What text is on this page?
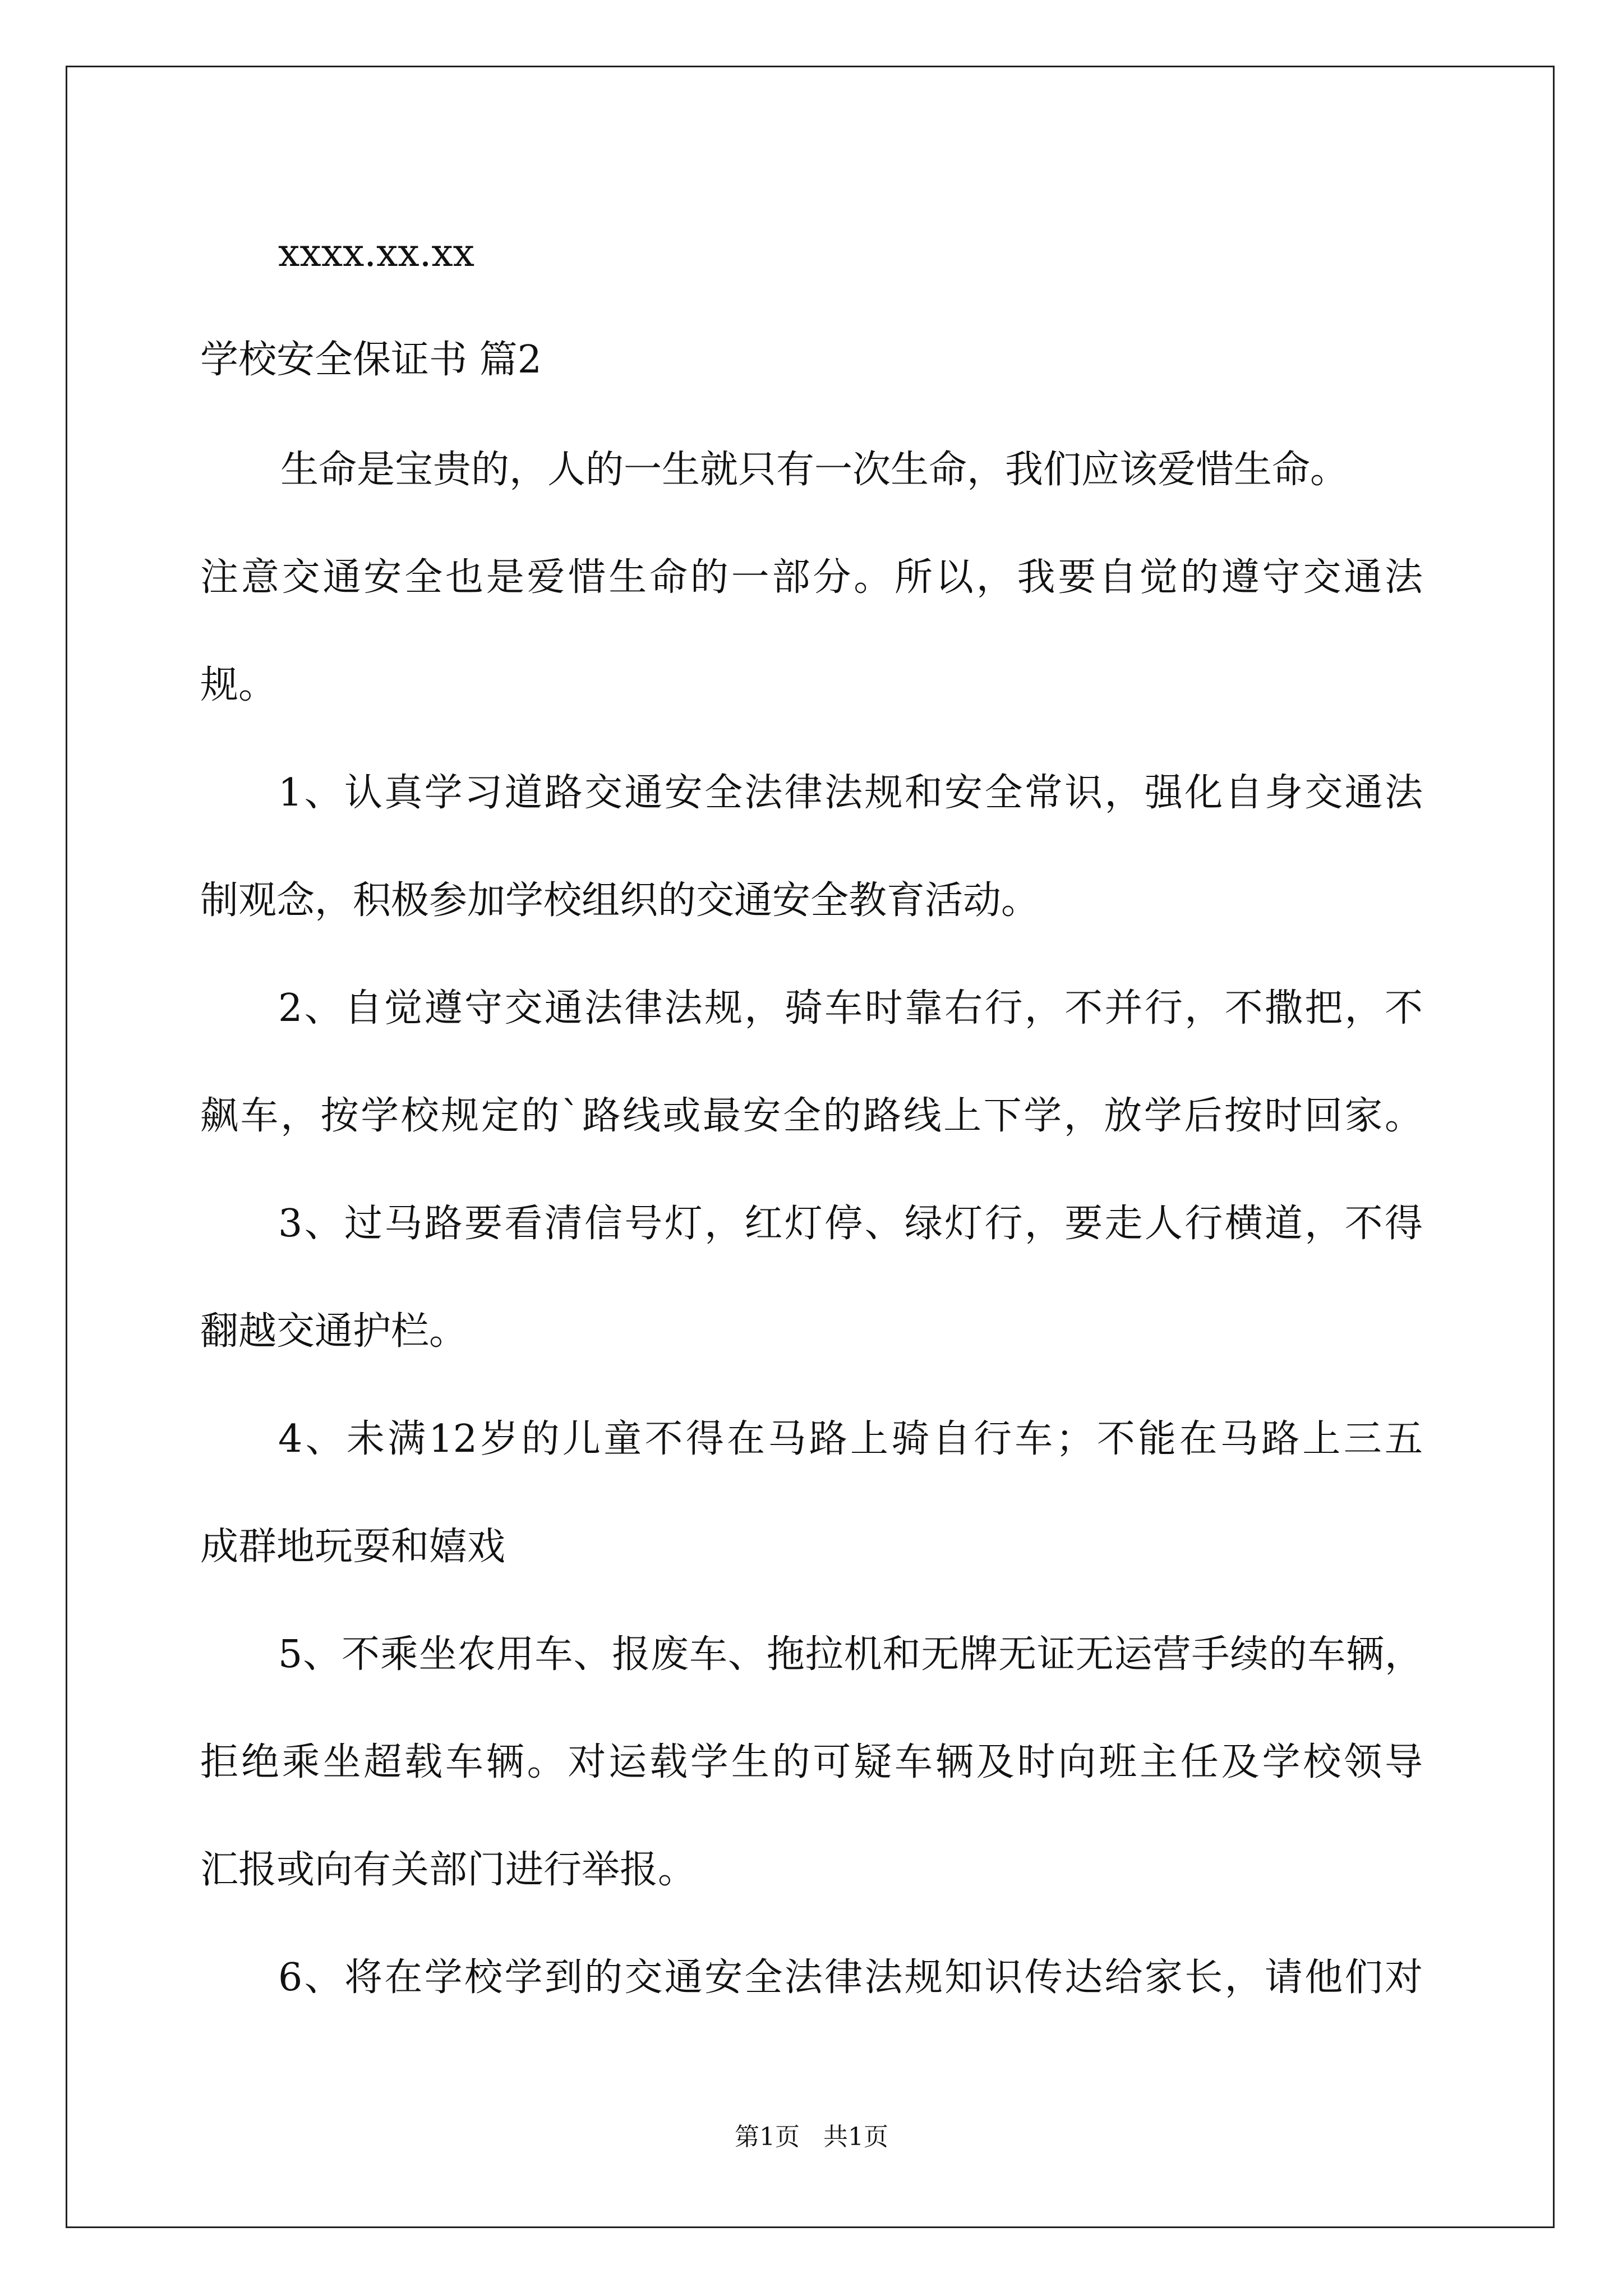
xxxx.xx.xx
学校安全保证书 篇2
生命是宝贵的，人的一生就只有一次生命，我们应该爱惜生命。
注意交通安全也是爱惜生命的一部分。所以，我要自觉的遵守交通法
规。
1、认真学习道路交通安全法律法规和安全常识，强化自身交通法
制观念，积极参加学校组织的交通安全教育活动。
2、自觉遵守交通法律法规，骑车时靠右行，不并行，不撒把，不
飙车，按学校规定的`路线或最安全的路线上下学，放学后按时回家。
3、过马路要看清信号灯，红灯停、绿灯行，要走人行横道，不得
翻越交通护栏。
4、未满12岁的儿童不得在马路上骑自行车；不能在马路上三五
成群地玩耍和嬉戏
5、不乘坐农用车、报废车、拖拉机和无牌无证无运营手续的车辆，
拒绝乘坐超载车辆。对运载学生的可疑车辆及时向班主任及学校领导
汇报或向有关部门进行举报。
6、将在学校学到的交通安全法律法规知识传达给家长，请他们对
第1页   共1页
